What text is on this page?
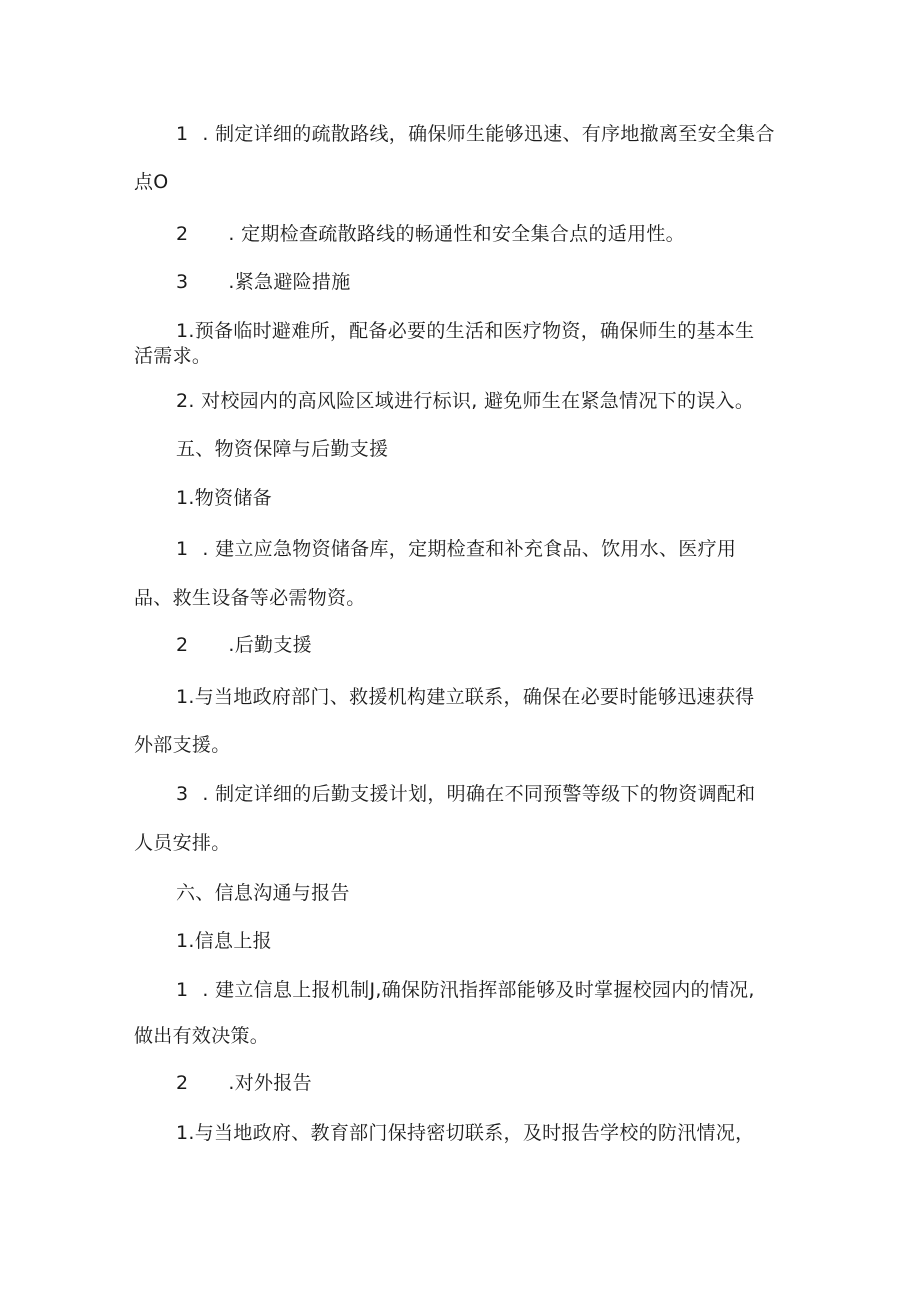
1 . 制定详细的疏散路线，确保师生能够迅速、有序地撤离至安全集合
点O
2 . 定期检查疏散路线的畅通性和安全集合点的适用性。
3 .紧急避险措施
1.预备临时避难所，配备必要的生活和医疗物资，确保师生的基本生
活需求。
2. 对校园内的高风险区域进行标识, 避免师生在紧急情况下的误入。
五、物资保障与后勤支援
1.物资储备
1 . 建立应急物资储备库，定期检查和补充食品、饮用水、医疗用
品、救生设备等必需物资。
2 .后勤支援
1.与当地政府部门、救援机构建立联系，确保在必要时能够迅速获得
外部支援。
3 . 制定详细的后勤支援计划，明确在不同预警等级下的物资调配和
人员安排。
六、信息沟通与报告
1.信息上报
1 . 建立信息上报机制J,确保防汛指挥部能够及时掌握校园内的情况,
做出有效决策。
2 .对外报告
1.与当地政府、教育部门保持密切联系，及时报告学校的防汛情况，
